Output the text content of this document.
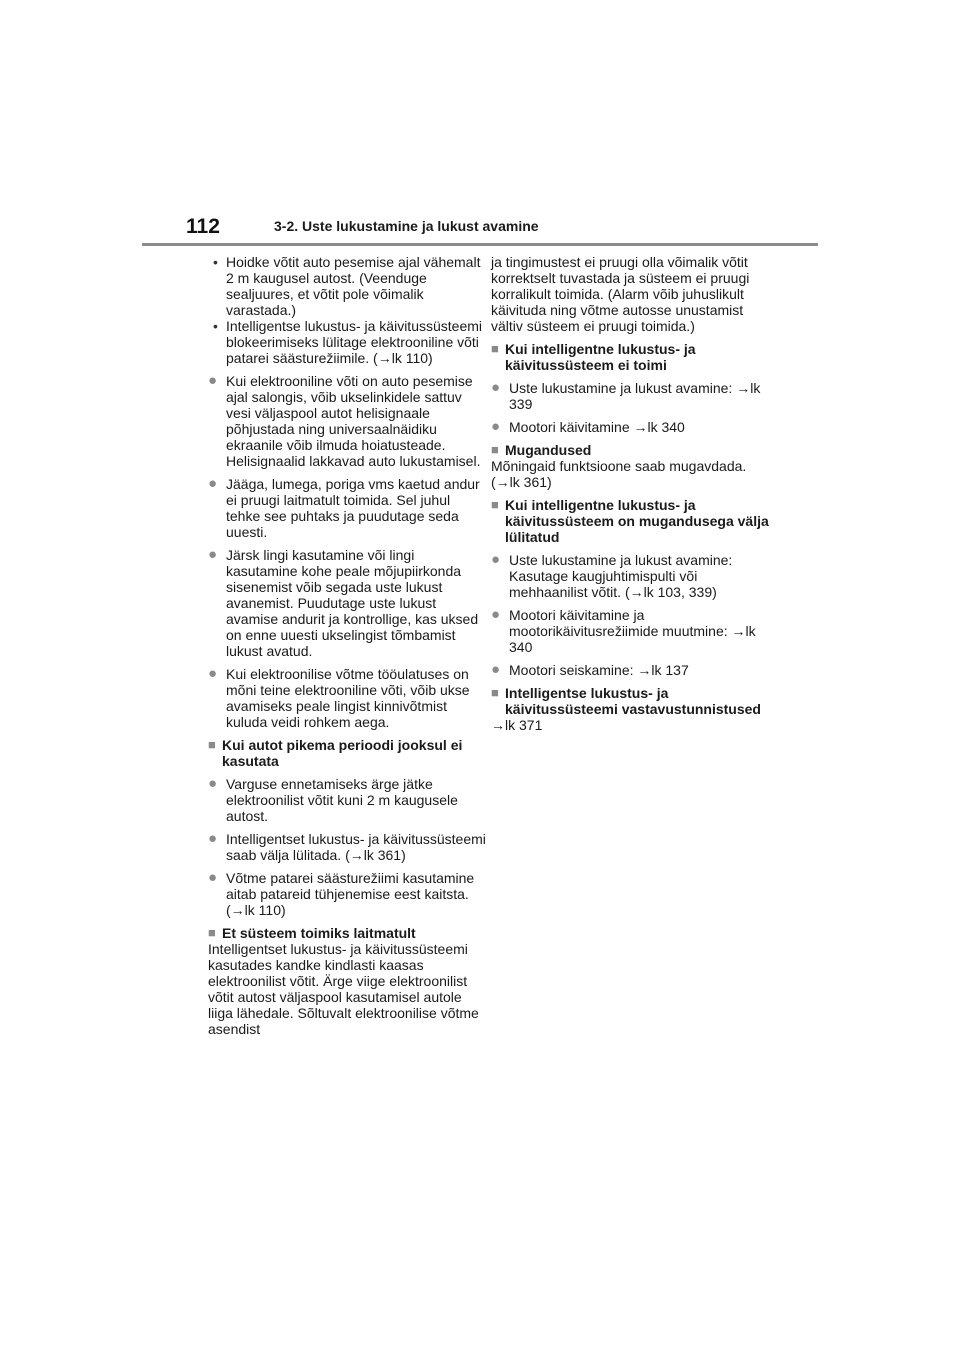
112	3-2. Uste lukustamine ja lukust avamine
• Hoidke võtit auto pesemise ajal vähemalt 2 m kaugusel autost. (Veenduge sealjuures, et võtit pole võimalik varastada.)
• Intelligentse lukustus- ja käivitussüsteemi blokeerimiseks lülitage elektrooniline võti patarei säästurežiimile. (→lk 110)
● Kui elektrooniline võti on auto pesemise ajal salongis, võib ukselinkidele sattuv vesi väljaspool autot helisignaale põhjustada ning universaalnäidiku ekraanile võib ilmuda hoiatusteade. Helisignaalid lakkavad auto lukustamisel.
● Jääga, lumega, poriga vms kaetud andur ei pruugi laitmatult toimida. Sel juhul tehke see puhtaks ja puudutage seda uuesti.
● Järsk lingi kasutamine või lingi kasutamine kohe peale mõjupiirkonda sisenemist võib segada uste lukust avanemist. Puudutage uste lukust avamise andurit ja kontrollige, kas uksed on enne uuesti ukselingist tõmbamist lukust avatud.
● Kui elektroonilise võtme tööulatuses on mõni teine elektrooniline võti, võib ukse avamiseks peale lingist kinnivõtmist kuluda veidi rohkem aega.
■ Kui autot pikema perioodi jooksul ei kasutata
● Varguse ennetamiseks ärge jätke elektroonilist võtit kuni 2 m kaugusele autost.
● Intelligentset lukustus- ja käivitussüsteemi saab välja lülitada. (→lk 361)
● Võtme patarei säästurežiimi kasutamine aitab patareid tühjenemise eest kaitsta. (→lk 110)
■ Et süsteem toimiks laitmatult
Intelligentset lukustus- ja käivitussüsteemi kasutades kandke kindlasti kaasas elektroonilist võtit. Ärge viige elektroonilist võtit autost väljaspool kasutamisel autole liiga lähedale. Sõltuvalt elektroonilise võtme asendist
ja tingimustest ei pruugi olla võimalik võtit korrektselt tuvastada ja süsteem ei pruugi korralikult toimida. (Alarm võib juhuslikult käivituda ning võtme autosse unustamist vältiv süsteem ei pruugi toimida.)
■ Kui intelligentne lukustus- ja käivitussüsteem ei toimi
● Uste lukustamine ja lukust avamine: →lk 339
● Mootori käivitamine →lk 340
■ Mugandused
Mõningaid funktsioone saab mugavdada. (→lk 361)
■ Kui intelligentne lukustus- ja käivitussüsteem on mugandusega välja lülitatud
● Uste lukustamine ja lukust avamine: Kasutage kaugjuhtimispulti või mehhaanilist võtit. (→lk 103, 339)
● Mootori käivitamine ja mootorikäivitusrežiimide muutmine: →lk 340
● Mootori seiskamine: →lk 137
■ Intelligentse lukustus- ja käivitussüsteemi vastavustunnistused
→lk 371
